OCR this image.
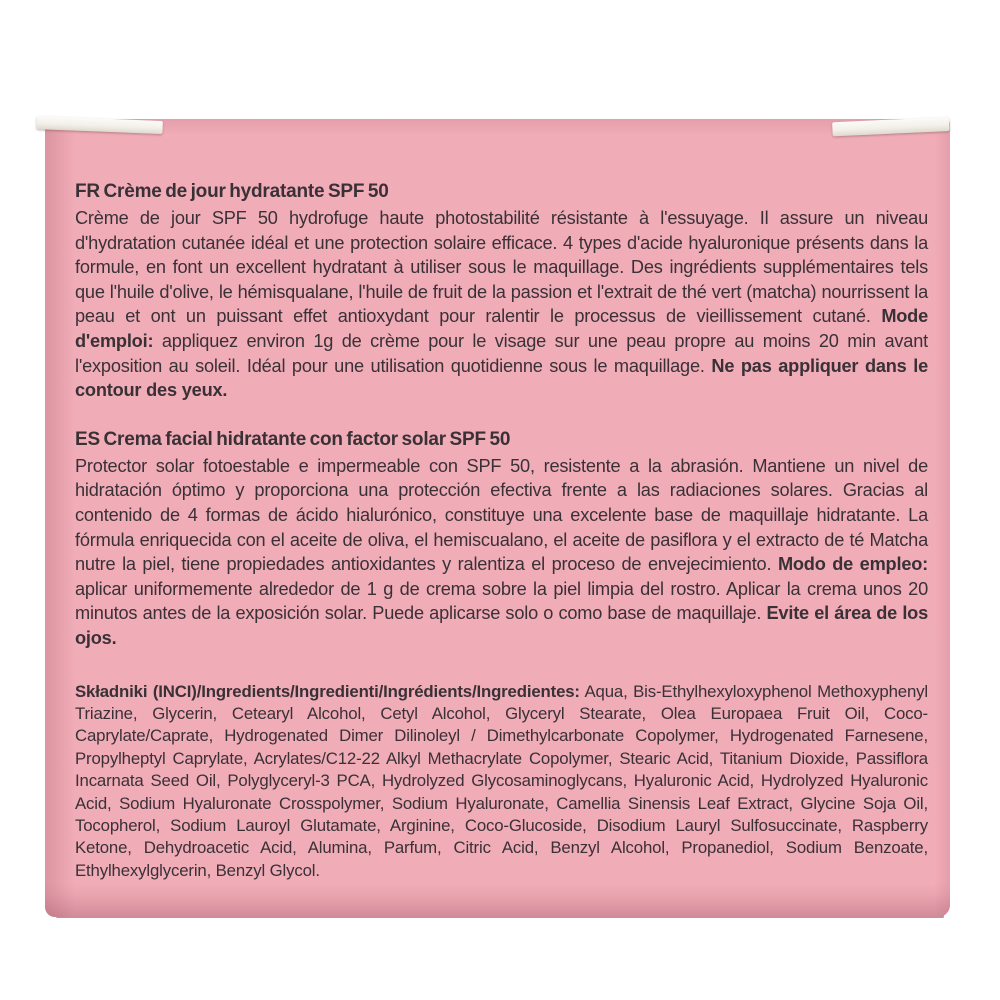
FR Crème de jour hydratante SPF 50

Crème de jour SPF 50 hydrofuge haute photostabilité résistante à l'essuyage. Il assure un niveau d'hydratation cutanée idéal et une protection solaire efficace. 4 types d'acide hyaluronique présents dans la formule, en font un excellent hydratant à utiliser sous le maquillage. Des ingrédients supplémentaires tels que l'huile d'olive, le hémisqualane, l'huile de fruit de la passion et l'extrait de thé vert (matcha) nourrissent la peau et ont un puissant effet antioxydant pour ralentir le processus de vieillissement cutané. Mode d'emploi: appliquez environ 1g de crème pour le visage sur une peau propre au moins 20 min avant l'exposition au soleil. Idéal pour une utilisation quotidienne sous le maquillage. Ne pas appliquer dans le contour des yeux.

ES Crema facial hidratante con factor solar SPF 50

Protector solar fotoestable e impermeable con SPF 50, resistente a la abrasión. Mantiene un nivel de hidratación óptimo y proporciona una protección efectiva frente a las radiaciones solares. Gracias al contenido de 4 formas de ácido hialurónico, constituye una excelente base de maquillaje hidratante. La fórmula enriquecida con el aceite de oliva, el hemiscualano, el aceite de pasiflora y el extracto de té Matcha nutre la piel, tiene propiedades antioxidantes y ralentiza el proceso de envejecimiento. Modo de empleo: aplicar uniformemente alrededor de 1 g de crema sobre la piel limpia del rostro. Aplicar la crema unos 20 minutos antes de la exposición solar. Puede aplicarse solo o como base de maquillaje. Evite el área de los ojos.

Składniki (INCI)/Ingredients/Ingredienti/Ingrédients/Ingredientes: Aqua, Bis-Ethylhexyloxyphenol Methoxyphenyl Triazine, Glycerin, Cetearyl Alcohol, Cetyl Alcohol, Glyceryl Stearate, Olea Europaea Fruit Oil, Coco-Caprylate/Caprate, Hydrogenated Dimer Dilinoleyl / Dimethylcarbonate Copolymer, Hydrogenated Farnesene, Propylheptyl Caprylate, Acrylates/C12-22 Alkyl Methacrylate Copolymer, Stearic Acid, Titanium Dioxide, Passiflora Incarnata Seed Oil, Polyglyceryl-3 PCA, Hydrolyzed Glycosaminoglycans, Hyaluronic Acid, Hydrolyzed Hyaluronic Acid, Sodium Hyaluronate Crosspolymer, Sodium Hyaluronate, Camellia Sinensis Leaf Extract, Glycine Soja Oil, Tocopherol, Sodium Lauroyl Glutamate, Arginine, Coco-Glucoside, Disodium Lauryl Sulfosuccinate, Raspberry Ketone, Dehydroacetic Acid, Alumina, Parfum, Citric Acid, Benzyl Alcohol, Propanediol, Sodium Benzoate, Ethylhexylglycerin, Benzyl Glycol.
